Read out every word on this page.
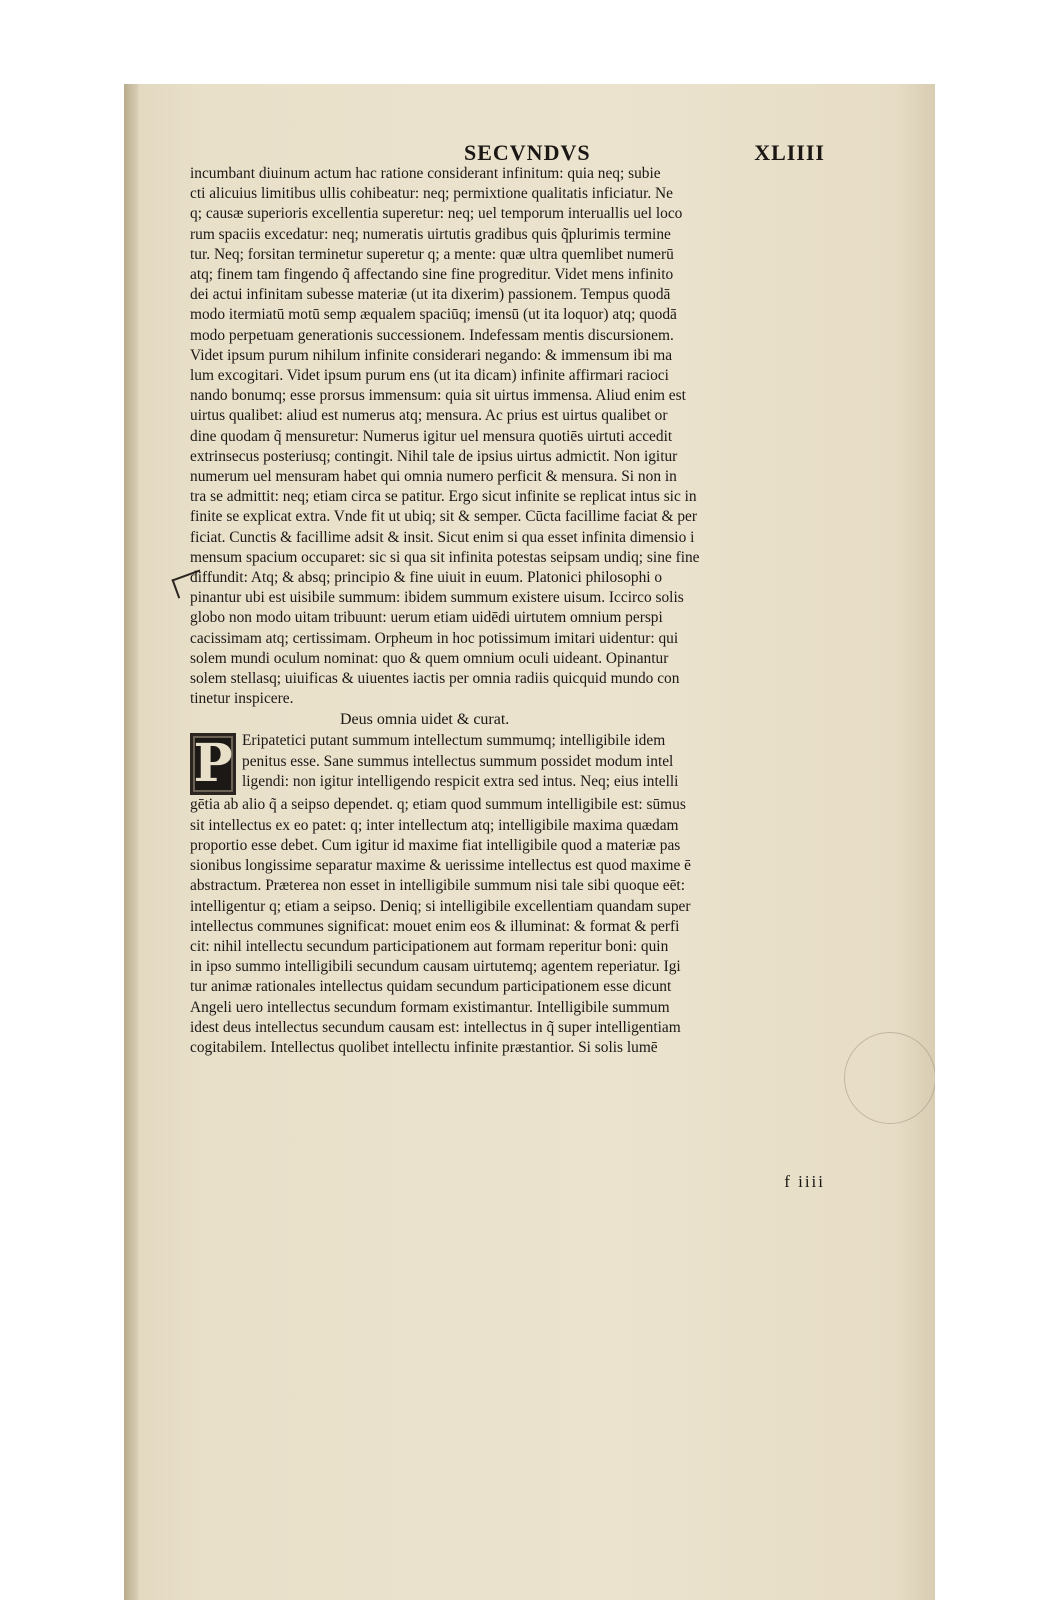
SECVNDVS	XLIIII
incumbant diuinum actum hac ratione considerant infinitum: quia neq; subie
cti alicuius limitibus ullis cohibeatur: neq; permixtione qualitatis inficiatur. Ne
q; causæ superioris excellentia superetur: neq; uel temporum interuallis uel loco
rum spaciis excedatur: neq; numeratis uirtutis gradibus quis q̃plurimis termine
tur. Neq; forsitan terminetur superetur q; a mente: quæ ultra quemlibet numerū
atq; finem tam fingendo q̃ affectando sine fine progreditur. Videt mens infinito
dei actui infinitam subesse materiæ (ut ita dixerim) passionem. Tempus quodā
modo itermiatū motū semp æqualem spaciūq; imensū (ut ita loquor) atq; quodā
modo perpetuam generationis successionem. Indefessam mentis discursionem.
Videt ipsum purum nihilum infinite considerari negando: & immensum ibi ma
lum excogitari. Videt ipsum purum ens (ut ita dicam) infinite affirmari racioci
nando bonumq; esse prorsus immensum: quia sit uirtus immensa. Aliud enim est
uirtus qualibet: aliud est numerus atq; mensura. Ac prius est uirtus qualibet or
dine quodam q̃ mensuretur: Numerus igitur uel mensura quotiēs uirtuti accedit
extrinsecus posteriusq; contingit. Nihil tale de ipsius uirtus admictit. Non igitur
numerum uel mensuram habet qui omnia numero perficit & mensura. Si non in
tra se admittit: neq; etiam circa se patitur. Ergo sicut infinite se replicat intus sic in
finite se explicat extra. Vnde fit ut ubiq; sit & semper. Cūcta facillime faciat & per
ficiat. Cunctis & facillime adsit & insit. Sicut enim si qua esset infinita dimensio i
mensum spacium occuparet: sic si qua sit infinita potestas seipsam undiq; sine fine
diffundit: Atq; & absq; principio & fine uiuit in euum. Platonici philosophi o
pinantur ubi est uisibile summum: ibidem summum existere uisum. Iccirco solis
globo non modo uitam tribuunt: uerum etiam uidēdi uirtutem omnium perspi
cacissimam atq; certissimam. Orpheum in hoc potissimum imitari uidentur: qui
solem mundi oculum nominat: quo & quem omnium oculi uideant. Opinantur
solem stellasq; uiuificas & uiuentes iactis per omnia radiis quicquid mundo con
tinetur inspicere.
Deus omnia uidet & curat.
P Eripatetici putant summum intellectum summumq; intelligibile idem
penitus esse. Sane summus intellectus summum possidet modum intel
ligendi: non igitur intelligendo respicit extra sed intus. Neq; eius intelli
gētia ab alio q̃ a seipso dependet. q; etiam quod summum intelligibile est: sūmus
sit intellectus ex eo patet: q; inter intellectum atq; intelligibile maxima quædam
proportio esse debet. Cum igitur id maxime fiat intelligibile quod a materiæ pas
sionibus longissime separatur maxime & uerissime intellectus est quod maxime ē
abstractum. Præterea non esset in intelligibile summum nisi tale sibi quoque eēt:
intelligentur q; etiam a seipso. Deniq; si intelligibile excellentiam quandam super
intellectus communes significat: mouet enim eos & illuminat: & format & perfi
cit: nihil intellectu secundum participationem aut formam reperitur boni: quin
in ipso summo intelligibili secundum causam uirtutemq; agentem reperiatur. Igi
tur animæ rationales intellectus quidam secundum participationem esse dicunt
Angeli uero intellectus secundum formam existimantur. Intelligibile summum
idest deus intellectus secundum causam est: intellectus in q̃ super intelligentiam
cogitabilem. Intellectus quolibet intellectu infinite præstantior. Si solis lumē
f iiii
